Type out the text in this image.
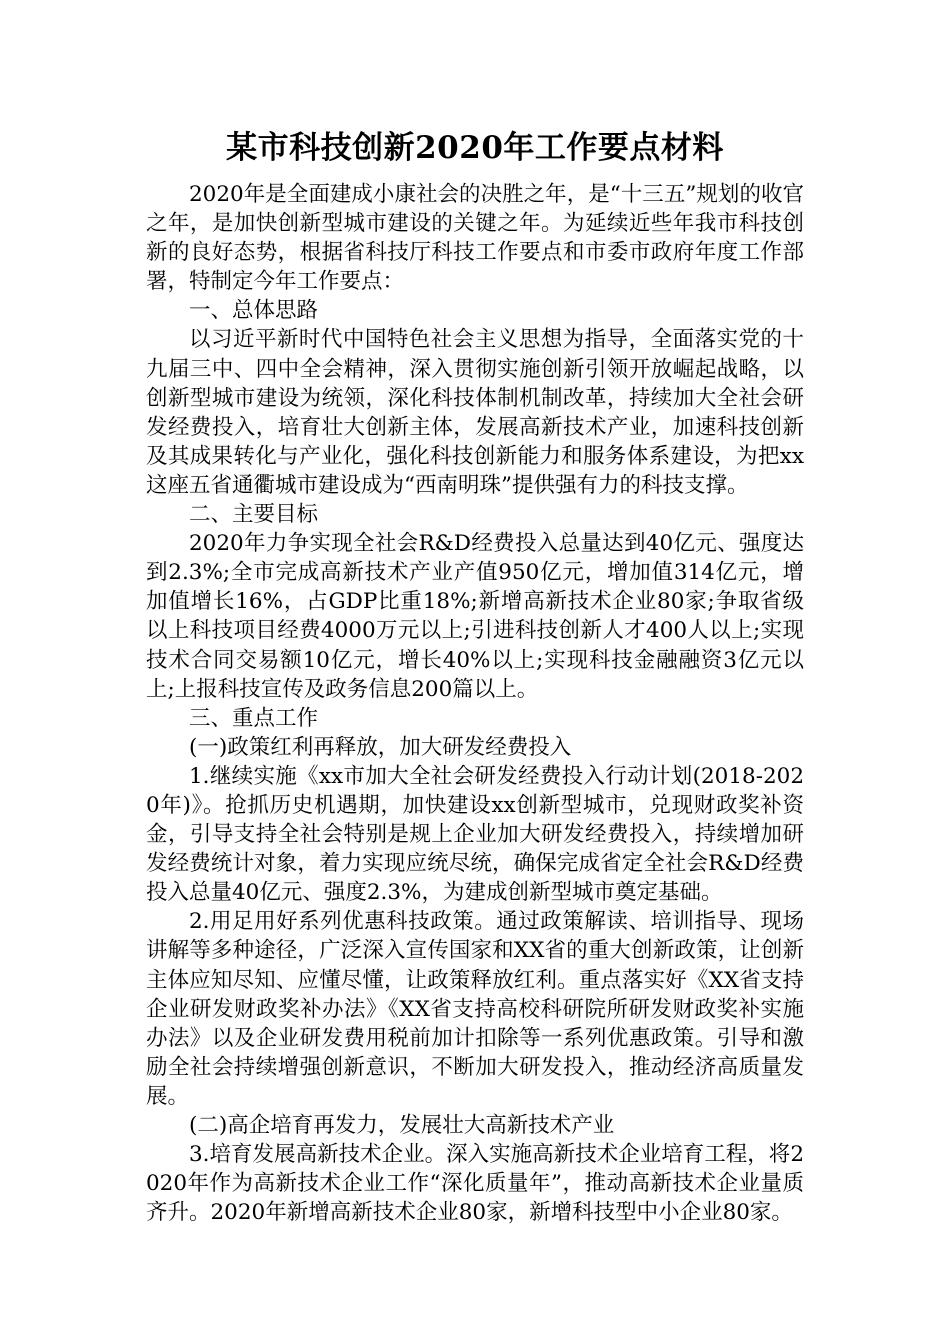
某市科技创新2020年工作要点材料

2020年是全面建成小康社会的决胜之年，是“十三五”规划的收官之年，是加快创新型城市建设的关键之年。为延续近些年我市科技创新的良好态势，根据省科技厅科技工作要点和市委市政府年度工作部署，特制定今年工作要点：

一、总体思路

以习近平新时代中国特色社会主义思想为指导，全面落实党的十九届三中、四中全会精神，深入贯彻实施创新引领开放崛起战略，以创新型城市建设为统领，深化科技体制机制改革，持续加大全社会研发经费投入，培育壮大创新主体，发展高新技术产业，加速科技创新及其成果转化与产业化，强化科技创新能力和服务体系建设，为把xx这座五省通衢城市建设成为“西南明珠”提供强有力的科技支撑。

二、主要目标

2020年力争实现全社会R&D经费投入总量达到40亿元、强度达到2.3%;全市完成高新技术产业产值950亿元，增加值314亿元，增加值增长16%，占GDP比重18%;新增高新技术企业80家;争取省级以上科技项目经费4000万元以上;引进科技创新人才400人以上;实现技术合同交易额10亿元，增长40%以上;实现科技金融融资3亿元以上;上报科技宣传及政务信息200篇以上。

三、重点工作

(一)政策红利再释放，加大研发经费投入

1.继续实施《xx市加大全社会研发经费投入行动计划(2018-2020年)》。抢抓历史机遇期，加快建设xx创新型城市，兑现财政奖补资金，引导支持全社会特别是规上企业加大研发经费投入，持续增加研发经费统计对象，着力实现应统尽统，确保完成省定全社会R&D经费投入总量40亿元、强度2.3%，为建成创新型城市奠定基础。

2.用足用好系列优惠科技政策。通过政策解读、培训指导、现场讲解等多种途径，广泛深入宣传国家和XX省的重大创新政策，让创新主体应知尽知、应懂尽懂，让政策释放红利。重点落实好《XX省支持企业研发财政奖补办法》《XX省支持高校科研院所研发财政奖补实施办法》以及企业研发费用税前加计扣除等一系列优惠政策。引导和激励全社会持续增强创新意识，不断加大研发投入，推动经济高质量发展。

(二)高企培育再发力，发展壮大高新技术产业

3.培育发展高新技术企业。深入实施高新技术企业培育工程，将2020年作为高新技术企业工作“深化质量年”，推动高新技术企业量质齐升。2020年新增高新技术企业80家，新增科技型中小企业80家。
